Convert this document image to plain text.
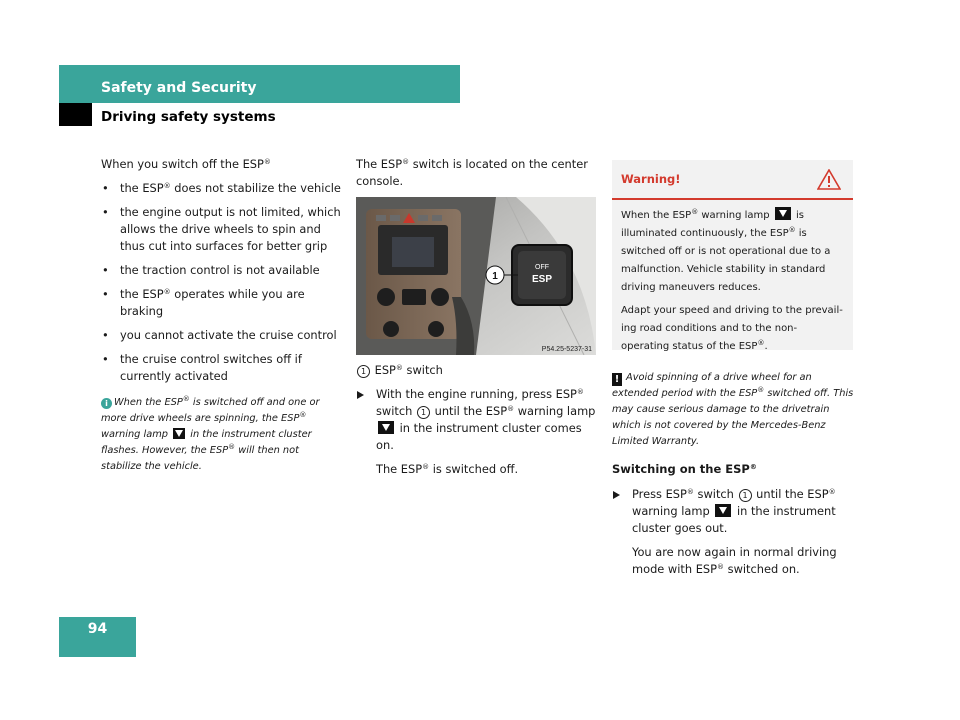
Safety and Security
Driving safety systems

When you switch off the ESP®

• the ESP® does not stabilize the vehicle

• the engine output is not limited, which allows the drive wheels to spin and thus cut into surfaces for better grip

• the traction control is not available

• the ESP® operates while you are braking

• you cannot activate the cruise control

• the cruise control switches off if currently activated

i When the ESP® is switched off and one or more drive wheels are spinning, the ESP® warning lamp  in the instrument cluster flashes. However, the ESP® will then not stabilize the vehicle.

The ESP® switch is located on the center console.

OFF
ESP
1
P54.25-5237-31

1 ESP® switch

With the engine running, press ESP® switch 1 until the ESP® warning lamp  in the instrument cluster comes on.

The ESP® is switched off.

Warning!

When the ESP® warning lamp  is illuminated continuously, the ESP® is switched off or is not operational due to a malfunction. Vehicle stability in standard driving maneuvers reduces.

Adapt your speed and driving to the prevail-ing road conditions and to the non-operating status of the ESP®.

! Avoid spinning of a drive wheel for an extended period with the ESP® switched off. This may cause serious damage to the drivetrain which is not covered by the Mercedes-Benz Limited Warranty.
Switching on the ESP®

Press ESP® switch 1 until the ESP® warning lamp  in the instrument cluster goes out.

You are now again in normal driving mode with ESP® switched on.

94
